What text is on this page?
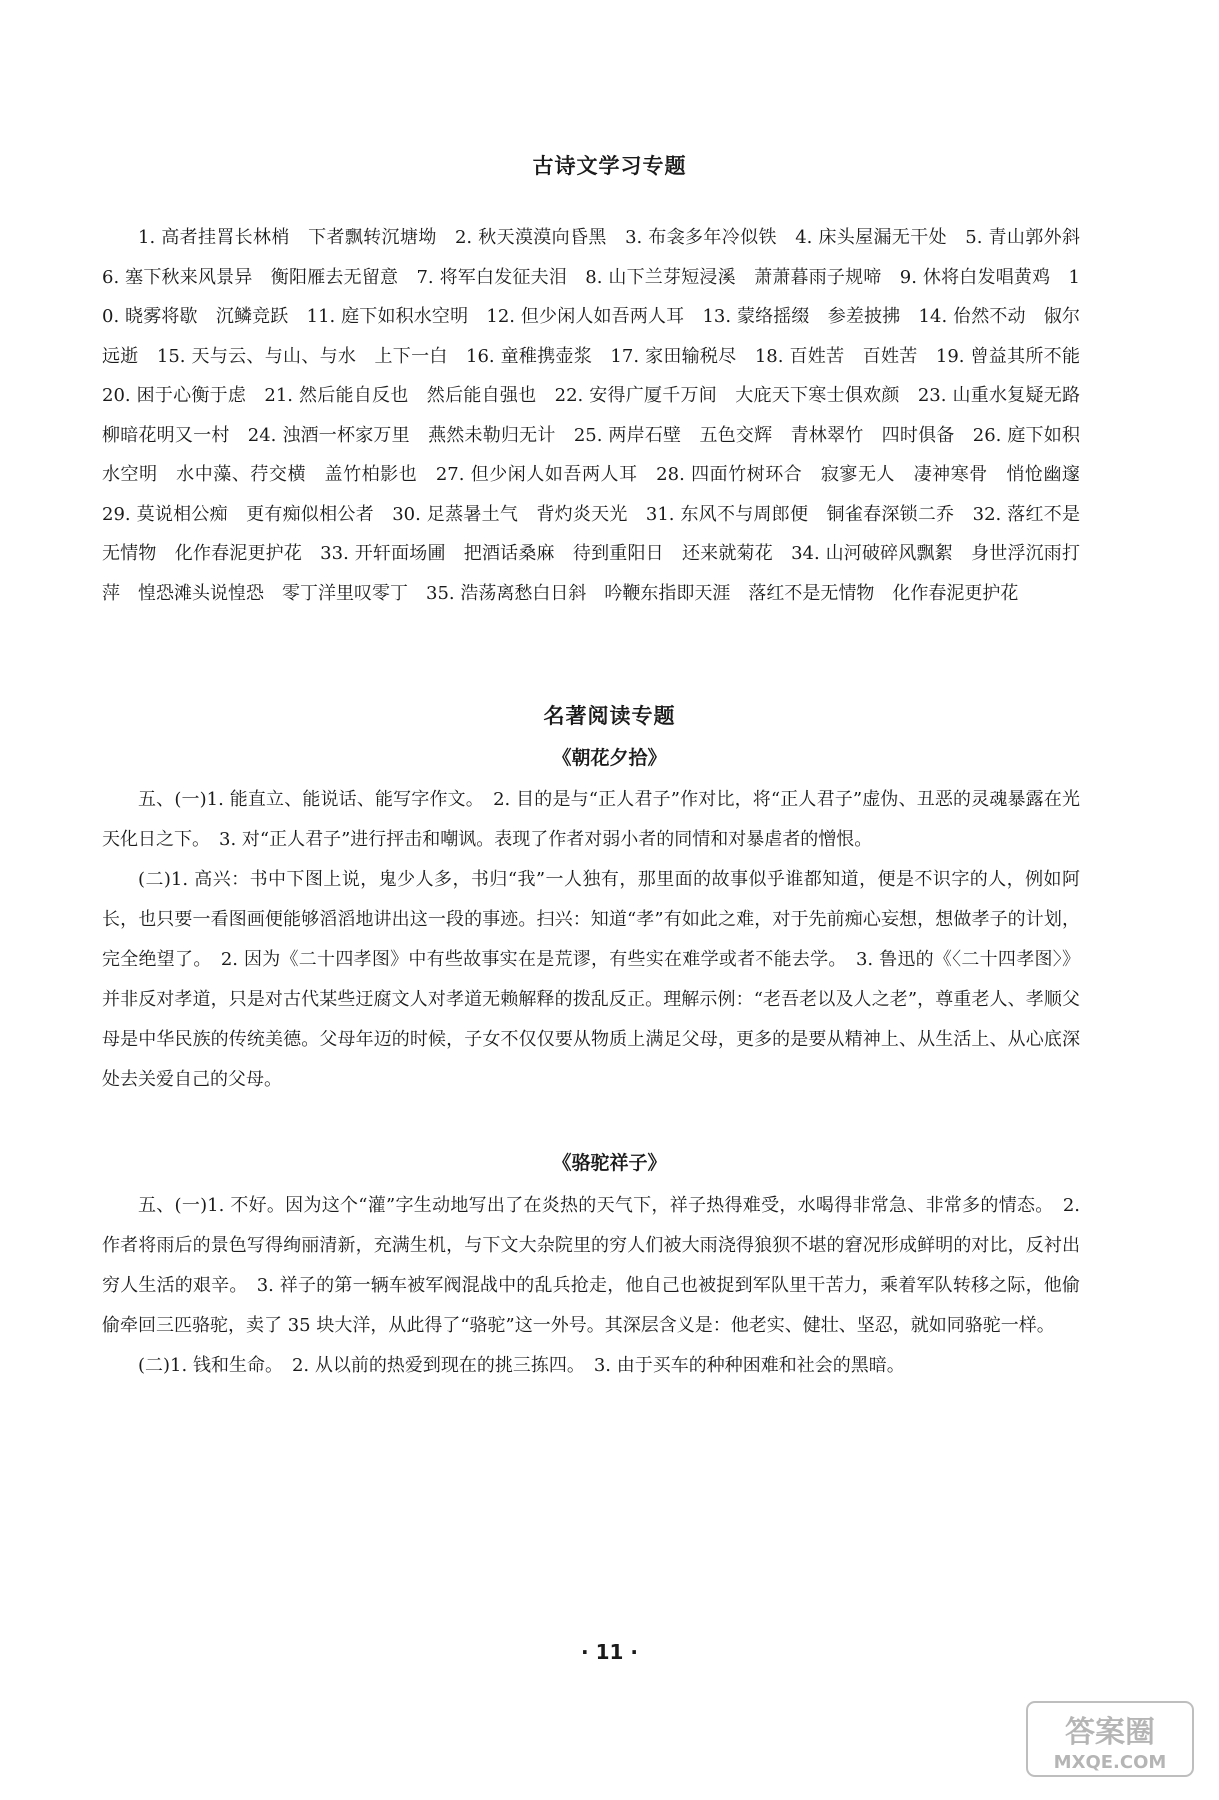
古诗文学习专题

1. 高者挂罥长林梢　下者飘转沉塘坳　2. 秋天漠漠向昏黑　3. 布衾多年冷似铁　4. 床头屋漏无干处　5. 青山郭外斜　6. 塞下秋来风景异　衡阳雁去无留意　7. 将军白发征夫泪　8. 山下兰芽短浸溪　萧萧暮雨子规啼　9. 休将白发唱黄鸡　10. 晓雾将歇　沉鳞竞跃　11. 庭下如积水空明　12. 但少闲人如吾两人耳　13. 蒙络摇缀　参差披拂　14. 佁然不动　俶尔远逝　15. 天与云、与山、与水　上下一白　16. 童稚携壶浆　17. 家田输税尽　18. 百姓苦　百姓苦　19. 曾益其所不能　20. 困于心衡于虑　21. 然后能自反也　然后能自强也　22. 安得广厦千万间　大庇天下寒士俱欢颜　23. 山重水复疑无路　柳暗花明又一村　24. 浊酒一杯家万里　燕然未勒归无计　25. 两岸石壁　五色交辉　青林翠竹　四时俱备　26. 庭下如积水空明　水中藻、荇交横　盖竹柏影也　27. 但少闲人如吾两人耳　28. 四面竹树环合　寂寥无人　凄神寒骨　悄怆幽邃　29. 莫说相公痴　更有痴似相公者　30. 足蒸暑土气　背灼炎天光　31. 东风不与周郎便　铜雀春深锁二乔　32. 落红不是无情物　化作春泥更护花　33. 开轩面场圃　把酒话桑麻　待到重阳日　还来就菊花　34. 山河破碎风飘絮　身世浮沉雨打萍　惶恐滩头说惶恐　零丁洋里叹零丁　35. 浩荡离愁白日斜　吟鞭东指即天涯　落红不是无情物　化作春泥更护花

名著阅读专题
《朝花夕拾》

五、(一)1. 能直立、能说话、能写字作文。　2. 目的是与“正人君子”作对比，将“正人君子”虚伪、丑恶的灵魂暴露在光天化日之下。　3. 对“正人君子”进行抨击和嘲讽。表现了作者对弱小者的同情和对暴虐者的憎恨。

(二)1. 高兴：书中下图上说，鬼少人多，书归“我”一人独有，那里面的故事似乎谁都知道，便是不识字的人，例如阿长，也只要一看图画便能够滔滔地讲出这一段的事迹。扫兴：知道“孝”有如此之难，对于先前痴心妄想，想做孝子的计划，完全绝望了。　2. 因为《二十四孝图》中有些故事实在是荒谬，有些实在难学或者不能去学。　3. 鲁迅的《〈二十四孝图〉》并非反对孝道，只是对古代某些迂腐文人对孝道无赖解释的拨乱反正。理解示例：“老吾老以及人之老”，尊重老人、孝顺父母是中华民族的传统美德。父母年迈的时候，子女不仅仅要从物质上满足父母，更多的是要从精神上、从生活上、从心底深处去关爱自己的父母。

《骆驼祥子》

五、(一)1. 不好。因为这个“灌”字生动地写出了在炎热的天气下，祥子热得难受，水喝得非常急、非常多的情态。　2. 作者将雨后的景色写得绚丽清新，充满生机，与下文大杂院里的穷人们被大雨浇得狼狈不堪的窘况形成鲜明的对比，反衬出穷人生活的艰辛。　3. 祥子的第一辆车被军阀混战中的乱兵抢走，他自己也被捉到军队里干苦力，乘着军队转移之际，他偷偷牵回三匹骆驼，卖了 35 块大洋，从此得了“骆驼”这一外号。其深层含义是：他老实、健壮、坚忍，就如同骆驼一样。

(二)1. 钱和生命。　2. 从以前的热爱到现在的挑三拣四。　3. 由于买车的种种困难和社会的黑暗。

· 11 ·
答案圈
MXQE.COM
